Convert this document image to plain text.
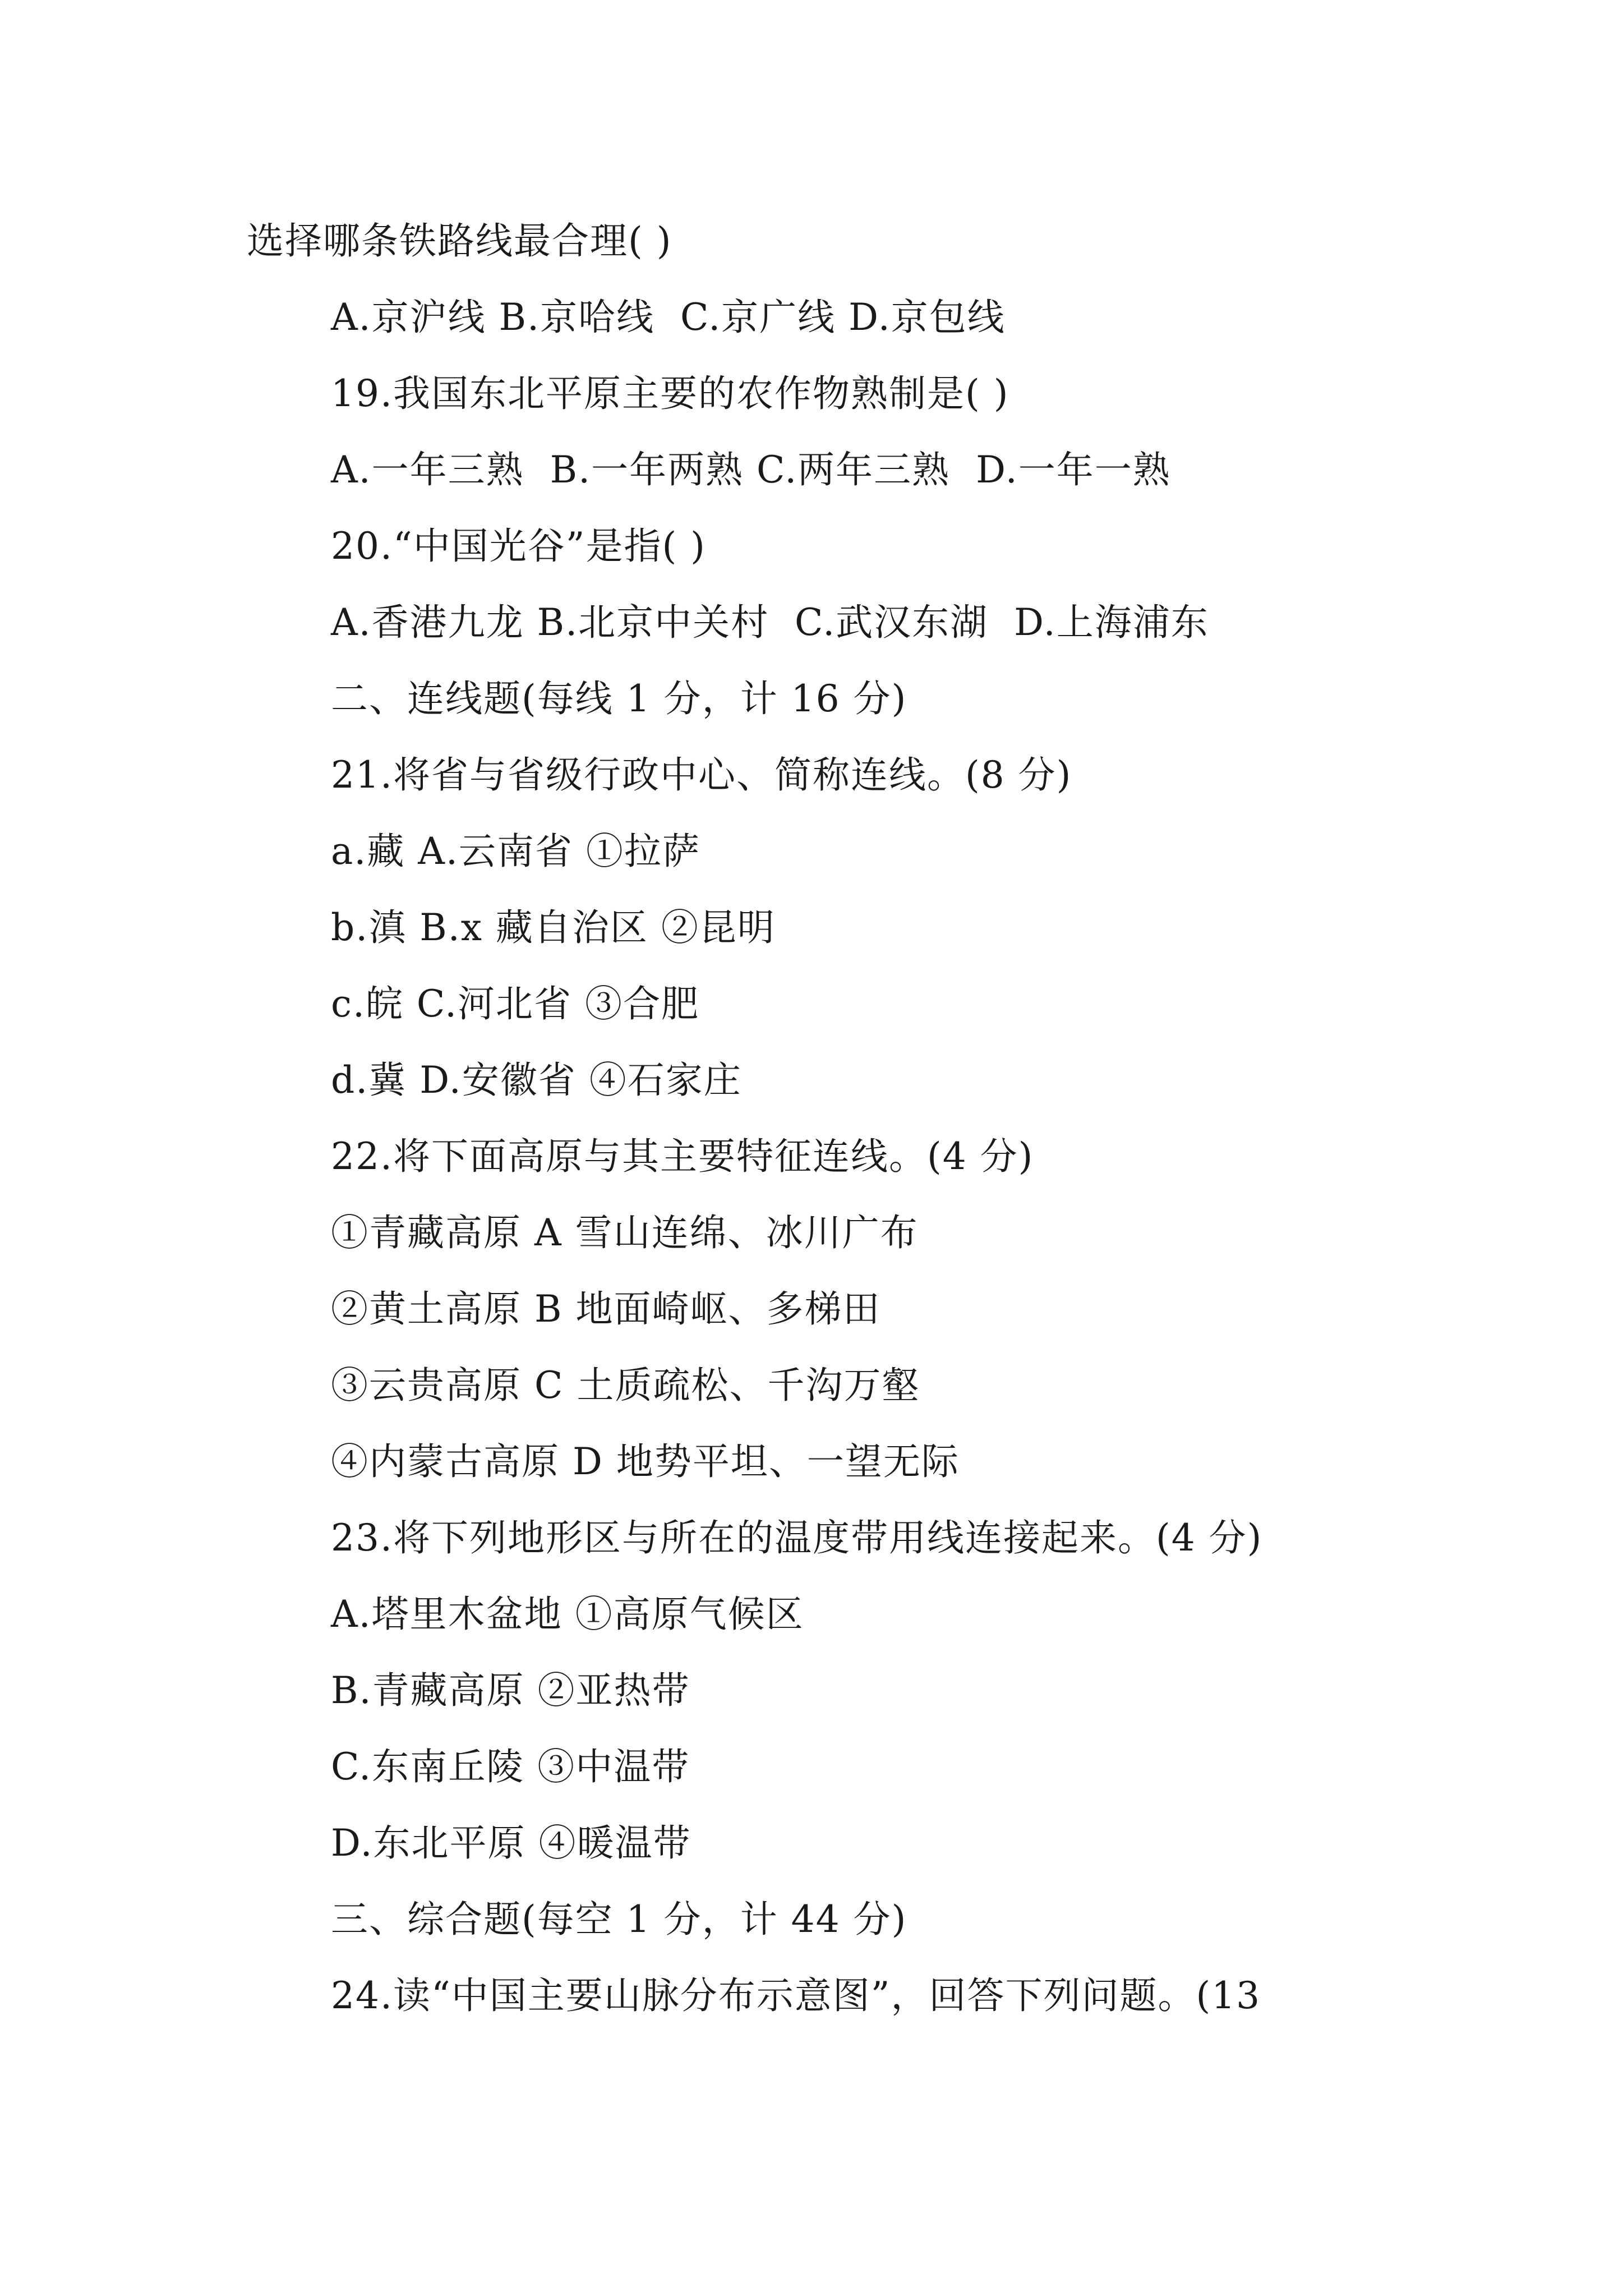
选择哪条铁路线最合理( )
A.京沪线 B.京哈线  C.京广线 D.京包线
19.我国东北平原主要的农作物熟制是( )
A.一年三熟  B.一年两熟 C.两年三熟  D.一年一熟
20.“中国光谷”是指( )
A.香港九龙 B.北京中关村  C.武汉东湖  D.上海浦东
二、连线题(每线 1 分，计 16 分)
21.将省与省级行政中心、简称连线。(8 分)
a.藏 A.云南省 ①拉萨
b.滇 B.x 藏自治区 ②昆明
c.皖 C.河北省 ③合肥
d.冀 D.安徽省 ④石家庄
22.将下面高原与其主要特征连线。(4 分)
①青藏高原 A 雪山连绵、冰川广布
②黄土高原 B 地面崎岖、多梯田
③云贵高原 C 土质疏松、千沟万壑
④内蒙古高原 D 地势平坦、一望无际
23.将下列地形区与所在的温度带用线连接起来。(4 分)
A.塔里木盆地 ①高原气候区
B.青藏高原 ②亚热带
C.东南丘陵 ③中温带
D.东北平原 ④暖温带
三、综合题(每空 1 分，计 44 分)
24.读“中国主要山脉分布示意图”，回答下列问题。(13
